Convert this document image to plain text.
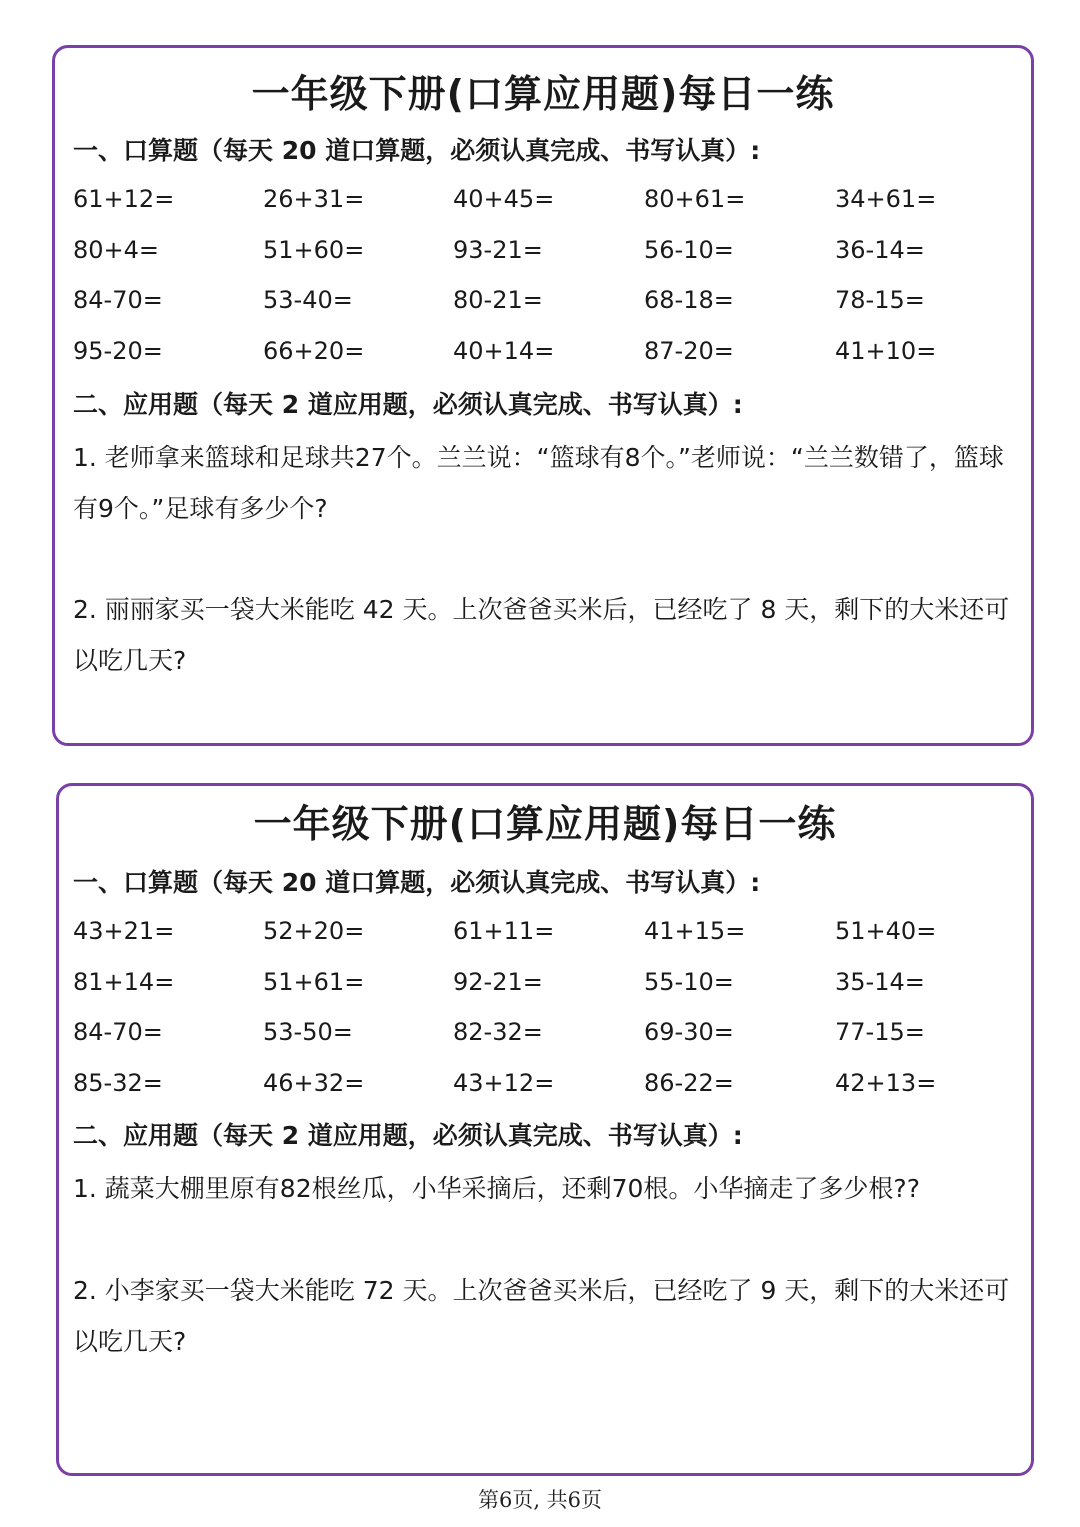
一年级下册(口算应用题)每日一练
一、口算题（每天 20 道口算题，必须认真完成、书写认真）:
61+12=	26+31=	40+45=	80+61=	34+61=
80+4=	51+60=	93-21=	56-10=	36-14=
84-70=	53-40=	80-21=	68-18=	78-15=
95-20=	66+20=	40+14=	87-20=	41+10=
二、应用题（每天 2 道应用题，必须认真完成、书写认真）:
1. 老师拿来篮球和足球共27个。兰兰说：“篮球有8个。”老师说：“兰兰数错了，篮球有9个。”足球有多少个?
2. 丽丽家买一袋大米能吃 42 天。上次爸爸买米后，已经吃了 8 天，剩下的大米还可以吃几天?
一年级下册(口算应用题)每日一练
一、口算题（每天 20 道口算题，必须认真完成、书写认真）:
43+21=	52+20=	61+11=	41+15=	51+40=
81+14=	51+61=	92-21=	55-10=	35-14=
84-70=	53-50=	82-32=	69-30=	77-15=
85-32=	46+32=	43+12=	86-22=	42+13=
二、应用题（每天 2 道应用题，必须认真完成、书写认真）:
1. 蔬菜大棚里原有82根丝瓜，小华采摘后，还剩70根。小华摘走了多少根??
2. 小李家买一袋大米能吃 72 天。上次爸爸买米后，已经吃了 9 天，剩下的大米还可以吃几天?
第6页, 共6页
